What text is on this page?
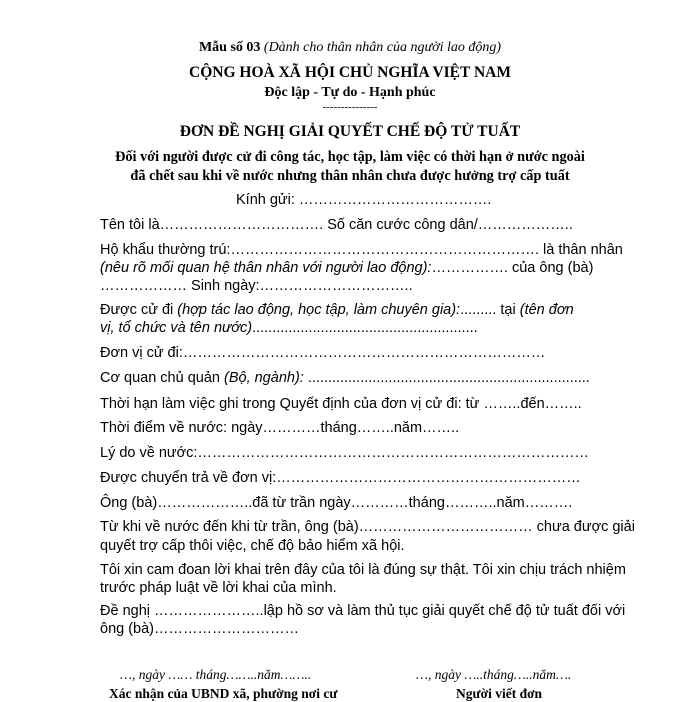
Mẫu số 03 (Dành cho thân nhân của người lao động)
CỘNG HOÀ XÃ HỘI CHỦ NGHĨA VIỆT NAM
Độc lập - Tự do - Hạnh phúc
---------------
ĐƠN ĐỀ NGHỊ GIẢI QUYẾT CHẾ ĐỘ TỬ TUẤT
Đối với người được cử đi công tác, học tập, làm việc có thời hạn ở nước ngoài
đã chết sau khi về nước nhưng thân nhân chưa được hưởng trợ cấp tuất
Kính gửi: ………………………………….
Tên tôi là……………………………. Số căn cước công dân/………………..
Hộ khẩu thường trú:………………………………………………………. là thân nhân
(nêu rõ mối quan hệ thân nhân với người lao động):……………. của ông (bà)
……………… Sinh ngày:…………………………..
Được cử đi (hợp tác lao động, học tập, làm chuyên gia):......... tại (tên đơn
vị, tổ chức và tên nước)........................................................
Đơn vị cử đi:…………………………………………………………………
Cơ quan chủ quản (Bộ, ngành): ......................................................................
Thời hạn làm việc ghi trong Quyết định của đơn vị cử đi: từ ……..đến……..
Thời điểm về nước: ngày…………tháng……..năm……..
Lý do về nước:………………………………………………………………………
Được chuyển trả về đơn vị:………………………………………………………
Ông (bà)………………..đã từ trần ngày…………tháng………..năm……….
Từ khi về nước đến khi từ trần, ông (bà)……………………………… chưa được giải
quyết trợ cấp thôi việc, chế độ bảo hiểm xã hội.
Tôi xin cam đoan lời khai trên đây của tôi là đúng sự thật. Tôi xin chịu trách nhiệm
trước pháp luật về lời khai của mình.
Đề nghị …………………..lập hồ sơ và làm thủ tục giải quyết chế độ tử tuất đối với
ông (bà)…………………………
…, ngày …… tháng……..năm……..
Xác nhận của UBND xã, phường nơi cư
…, ngày …..tháng…..năm….
Người viết đơn
